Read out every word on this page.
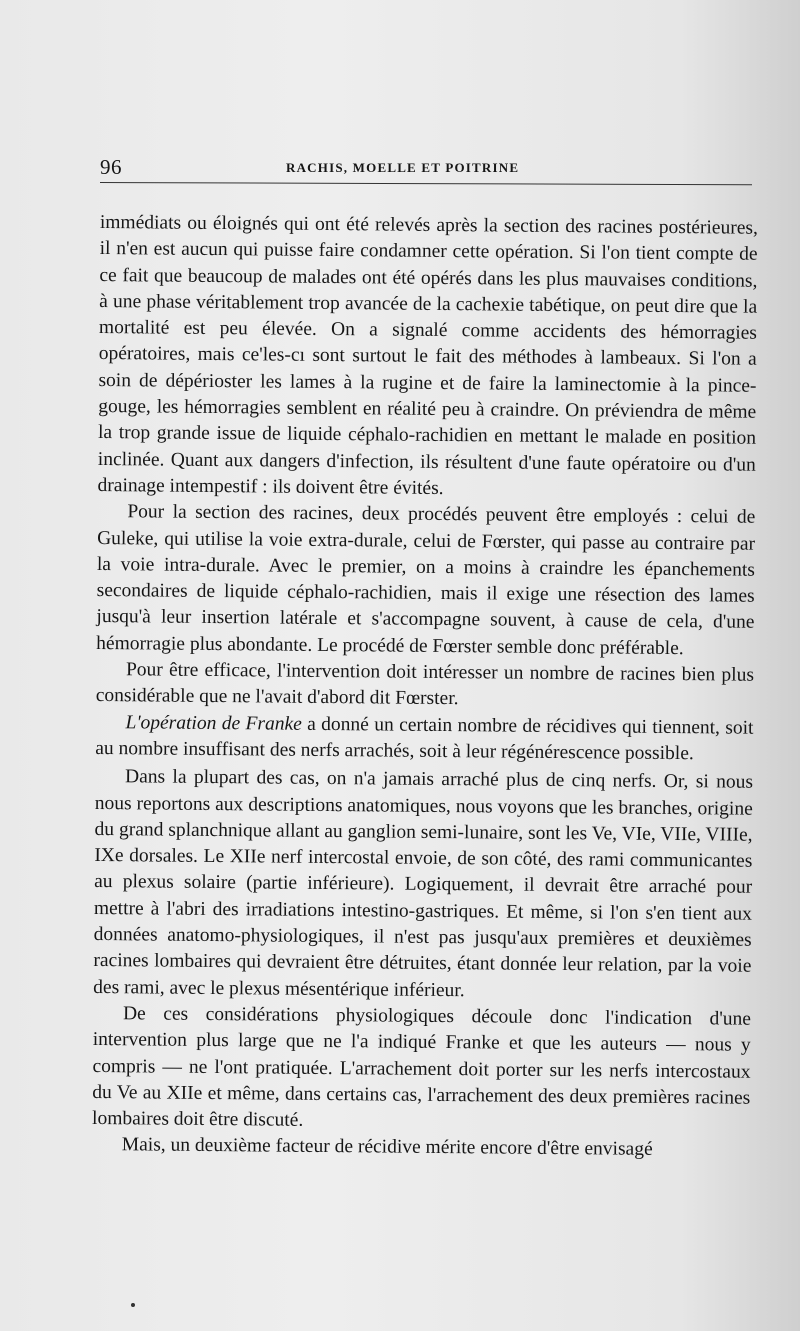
96	RACHIS, MOELLE ET POITRINE

immédiats ou éloignés qui ont été relevés après la section des racines postérieures, il n'en est aucun qui puisse faire condamner cette opération. Si l'on tient compte de ce fait que beaucoup de malades ont été opérés dans les plus mauvaises conditions, à une phase véritablement trop avancée de la cachexie tabétique, on peut dire que la mortalité est peu élevée. On a signalé comme accidents des hémorragies opératoires, mais ce'les-cı sont surtout le fait des méthodes à lambeaux. Si l'on a soin de dépérioster les lames à la rugine et de faire la laminectomie à la pince-gouge, les hémorragies semblent en réalité peu à craindre. On préviendra de même la trop grande issue de liquide céphalo-rachidien en mettant le malade en position inclinée. Quant aux dangers d'infection, ils résultent d'une faute opératoire ou d'un drainage intempestif : ils doivent être évités.

Pour la section des racines, deux procédés peuvent être employés : celui de Guleke, qui utilise la voie extra-durale, celui de Fœrster, qui passe au contraire par la voie intra-durale. Avec le premier, on a moins à craindre les épanchements secondaires de liquide céphalo-rachidien, mais il exige une résection des lames jusqu'à leur insertion latérale et s'accompagne souvent, à cause de cela, d'une hémorragie plus abondante. Le procédé de Fœrster semble donc préférable.

Pour être efficace, l'intervention doit intéresser un nombre de racines bien plus considérable que ne l'avait d'abord dit Fœrster.

L'opération de Franke a donné un certain nombre de récidives qui tiennent, soit au nombre insuffisant des nerfs arrachés, soit à leur régénérescence possible.

Dans la plupart des cas, on n'a jamais arraché plus de cinq nerfs. Or, si nous nous reportons aux descriptions anatomiques, nous voyons que les branches, origine du grand splanchnique allant au ganglion semi-lunaire, sont les Ve, VIe, VIIe, VIIIe, IXe dorsales. Le XIIe nerf intercostal envoie, de son côté, des rami communicantes au plexus solaire (partie inférieure). Logiquement, il devrait être arraché pour mettre à l'abri des irradiations intestino-gastriques. Et même, si l'on s'en tient aux données anatomo-physiologiques, il n'est pas jusqu'aux premières et deuxièmes racines lombaires qui devraient être détruites, étant donnée leur relation, par la voie des rami, avec le plexus mésentérique inférieur.

De ces considérations physiologiques découle donc l'indication d'une intervention plus large que ne l'a indiqué Franke et que les auteurs — nous y compris — ne l'ont pratiquée. L'arrachement doit porter sur les nerfs intercostaux du Ve au XIIe et même, dans certains cas, l'arrachement des deux premières racines lombaires doit être discuté.

Mais, un deuxième facteur de récidive mérite encore d'être envisagé
